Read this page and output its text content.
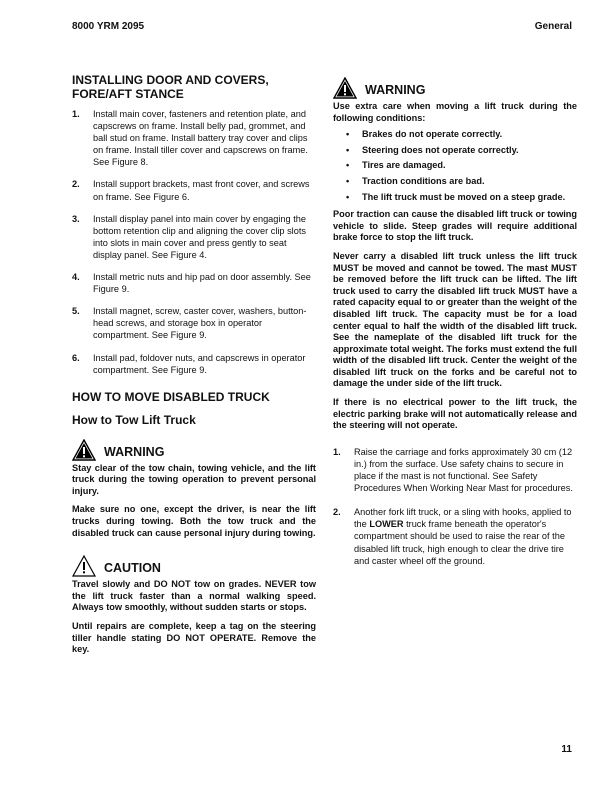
8000 YRM 2095	General
INSTALLING DOOR AND COVERS,
FORE/AFT STANCE
1. Install main cover, fasteners and retention plate, and capscrews on frame. Install belly pad, grommet, and ball stud on frame. Install battery tray cover and clips on frame. Install tiller cover and capscrews on frame. See Figure 8.
2. Install support brackets, mast front cover, and screws on frame. See Figure 6.
3. Install display panel into main cover by engaging the bottom retention clip and aligning the cover clip slots into slots in main cover and press gently to seat display panel. See Figure 4.
4. Install metric nuts and hip pad on door assembly. See Figure 9.
5. Install magnet, screw, caster cover, washers, button-head screws, and storage box in operator compartment. See Figure 9.
6. Install pad, foldover nuts, and capscrews in operator compartment. See Figure 9.
HOW TO MOVE DISABLED TRUCK
How to Tow Lift Truck
WARNING

Stay clear of the tow chain, towing vehicle, and the lift truck during the towing operation to prevent personal injury.

Make sure no one, except the driver, is near the lift trucks during towing. Both the tow truck and the disabled truck can cause personal injury during towing.

CAUTION

Travel slowly and DO NOT tow on grades. NEVER tow the lift truck faster than a normal walking speed. Always tow smoothly, without sudden starts or stops.

Until repairs are complete, keep a tag on the steering tiller handle stating DO NOT OPERATE. Remove the key.

WARNING

Use extra care when moving a lift truck during the following conditions:

• Brakes do not operate correctly.
• Steering does not operate correctly.
• Tires are damaged.
• Traction conditions are bad.
• The lift truck must be moved on a steep grade.

Poor traction can cause the disabled lift truck or towing vehicle to slide. Steep grades will require additional brake force to stop the lift truck.

Never carry a disabled lift truck unless the lift truck MUST be moved and cannot be towed. The mast MUST be removed before the lift truck can be lifted. The lift truck used to carry the disabled lift truck MUST have a rated capacity equal to or greater than the weight of the disabled lift truck. The capacity must be for a load center equal to half the width of the disabled lift truck. See the nameplate of the disabled lift truck for the approximate total weight. The forks must extend the full width of the disabled lift truck. Center the weight of the disabled lift truck on the forks and be careful not to damage the under side of the lift truck.

If there is no electrical power to the lift truck, the electric parking brake will not automatically release and the steering will not operate.

1. Raise the carriage and forks approximately 30 cm (12 in.) from the surface. Use safety chains to secure in place if the mast is not functional. See Safety Procedures When Working Near Mast for procedures.
2. Another fork lift truck, or a sling with hooks, applied to the LOWER truck frame beneath the operator's compartment should be used to raise the rear of the disabled lift truck, high enough to clear the drive tire and caster wheel off the ground.
11
